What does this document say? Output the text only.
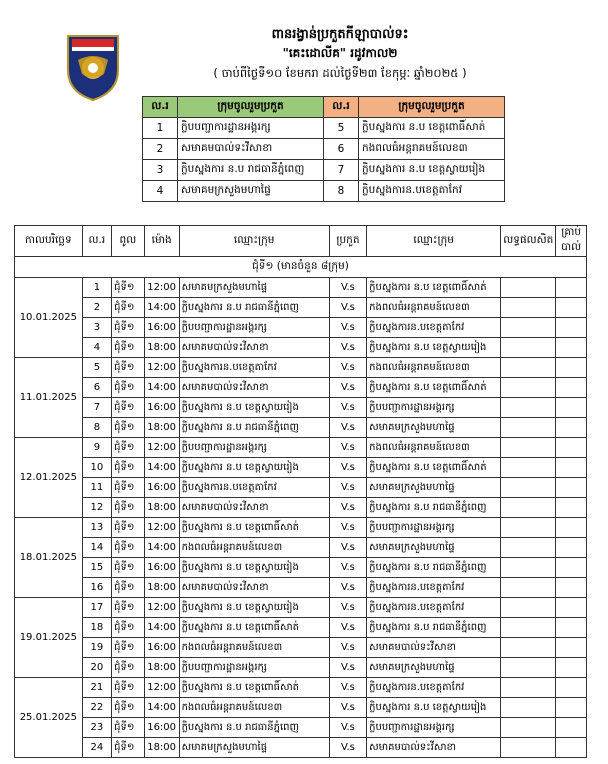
ពានរង្វាន់ប្រកួតកីឡាបាល់ទះ
"គេះដោលីគ" រដូវកាល២
( ចាប់ពីថ្ងៃទី១០ ខែមករា ដល់ថ្ងៃទី២៣ ខែកុម្ភៈ ឆ្នាំ២០២៥ )
ល.រ	ក្រុមចូលរួមប្រកួត	ល.រ	ក្រុមចូលរួមប្រកួត
1	ក្លិបបញ្ជាការដ្ឋានអង្គរក្ស	5	ក្លិបស្នងការ ន.ប ខេត្តពោធិ៍សាត់
2	សមាគមបាល់ទះវីសាខា	6	កងពលធំអន្តរាគមន៍លេខ៣
3	ក្លិបស្នងការ ន.ប រាជធានីភ្នំពេញ	7	ក្លិបស្នងការ ន.ប ខេត្តស្វាយរៀង
4	សមាគមក្រសួងមហាផ្ទៃ	8	ក្លិបស្នងការន.បខេត្តតាកែវ
កាលបរិច្ឆេទ	ល.រ	ពូល	ម៉ោង	ឈ្មោះក្រុម	ប្រកួត	ឈ្មោះក្រុម	លទ្ធផលសិត	គ្រាប់បាល់
ជុំទី១ (មានចំនួន ៨ក្រុម)								
10.01.2025	1	ជុំទី១	12:00	សមាគមក្រសួងមហាផ្ទៃ	V.s	ក្លិបស្នងការ ន.ប ខេត្តពោធិ៍សាត់		
	2	ជុំទី១	14:00	ក្លិបស្នងការ ន.ប រាជធានីភ្នំពេញ	V.s	កងពលធំអន្តរាគមន៍លេខ៣		
	3	ជុំទី១	16:00	ក្លិបបញ្ជាការដ្ឋានអង្គរក្ស	V.s	ក្លិបស្នងការន.បខេត្តតាកែវ		
	4	ជុំទី១	18:00	សមាគមបាល់ទះវីសាខា	V.s	ក្លិបស្នងការ ន.ប ខេត្តស្វាយរៀង		
11.01.2025	5	ជុំទី១	12:00	ក្លិបស្នងការន.បខេត្តតាកែវ	V.s	កងពលធំអន្តរាគមន៍លេខ៣		
	6	ជុំទី១	14:00	សមាគមបាល់ទះវីសាខា	V.s	ក្លិបស្នងការ ន.ប ខេត្តពោធិ៍សាត់		
	7	ជុំទី១	16:00	ក្លិបស្នងការ ន.ប ខេត្តស្វាយរៀង	V.s	ក្លិបបញ្ជាការដ្ឋានអង្គរក្ស		
	8	ជុំទី១	18:00	ក្លិបស្នងការ ន.ប រាជធានីភ្នំពេញ	V.s	សមាគមក្រសួងមហាផ្ទៃ		
12.01.2025	9	ជុំទី១	12:00	ក្លិបបញ្ជាការដ្ឋានអង្គរក្ស	V.s	កងពលធំអន្តរាគមន៍លេខ៣		
	10	ជុំទី១	14:00	ក្លិបស្នងការ ន.ប ខេត្តស្វាយរៀង	V.s	ក្លិបស្នងការ ន.ប ខេត្តពោធិ៍សាត់		
	11	ជុំទី១	16:00	ក្លិបស្នងការន.បខេត្តតាកែវ	V.s	សមាគមក្រសួងមហាផ្ទៃ		
	12	ជុំទី១	18:00	សមាគមបាល់ទះវីសាខា	V.s	ក្លិបស្នងការ ន.ប រាជធានីភ្នំពេញ		
18.01.2025	13	ជុំទី១	12:00	ក្លិបស្នងការ ន.ប ខេត្តពោធិ៍សាត់	V.s	ក្លិបបញ្ជាការដ្ឋានអង្គរក្ស		
	14	ជុំទី១	14:00	កងពលធំអន្តរាគមន៍លេខ៣	V.s	សមាគមក្រសួងមហាផ្ទៃ		
	15	ជុំទី១	16:00	ក្លិបស្នងការ ន.ប ខេត្តស្វាយរៀង	V.s	ក្លិបស្នងការ ន.ប រាជធានីភ្នំពេញ		
	16	ជុំទី១	18:00	សមាគមបាល់ទះវីសាខា	V.s	ក្លិបស្នងការន.បខេត្តតាកែវ		
19.01.2025	17	ជុំទី១	12:00	ក្លិបស្នងការ ន.ប ខេត្តស្វាយរៀង	V.s	ក្លិបស្នងការន.បខេត្តតាកែវ		
	18	ជុំទី១	14:00	ក្លិបស្នងការ ន.ប ខេត្តពោធិ៍សាត់	V.s	ក្លិបស្នងការ ន.ប រាជធានីភ្នំពេញ		
	19	ជុំទី១	16:00	កងពលធំអន្តរាគមន៍លេខ៣	V.s	សមាគមបាល់ទះវីសាខា		
	20	ជុំទី១	18:00	ក្លិបបញ្ជាការដ្ឋានអង្គរក្ស	V.s	សមាគមក្រសួងមហាផ្ទៃ		
25.01.2025	21	ជុំទី១	12:00	ក្លិបស្នងការ ន.ប ខេត្តពោធិ៍សាត់	V.s	ក្លិបស្នងការន.បខេត្តតាកែវ		
	22	ជុំទី១	14:00	កងពលធំអន្តរាគមន៍លេខ៣	V.s	ក្លិបស្នងការ ន.ប ខេត្តស្វាយរៀង		
	23	ជុំទី១	16:00	ក្លិបស្នងការ ន.ប រាជធានីភ្នំពេញ	V.s	ក្លិបបញ្ជាការដ្ឋានអង្គរក្ស		
	24	ជុំទី១	18:00	សមាគមក្រសួងមហាផ្ទៃ	V.s	សមាគមបាល់ទះវីសាខា		
